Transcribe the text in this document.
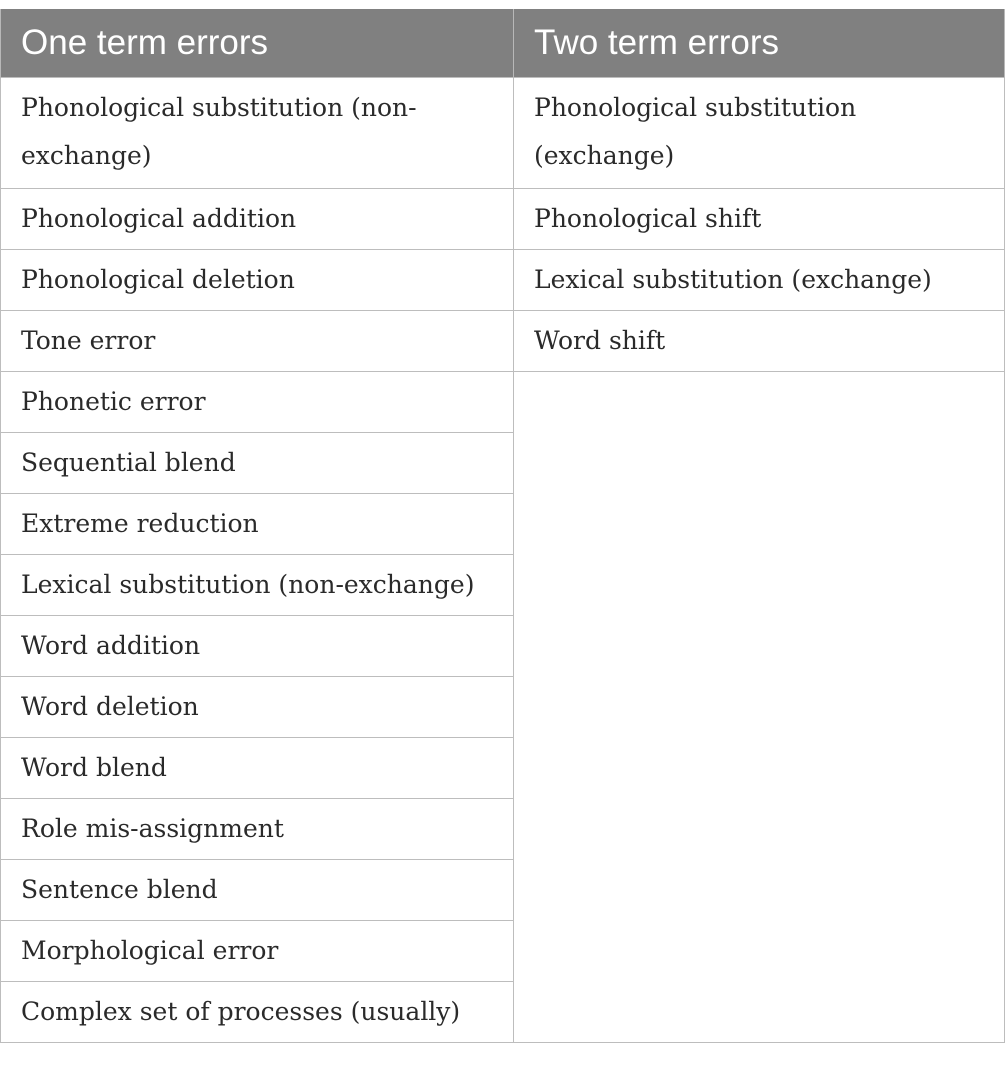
One term errors	Two term errors
Phonological substitution (non-exchange)	Phonological substitution (exchange)
Phonological addition	Phonological shift
Phonological deletion	Lexical substitution (exchange)
Tone error	Word shift
Phonetic error	
Sequential blend	
Extreme reduction	
Lexical substitution (non-exchange)	
Word addition	
Word deletion	
Word blend	
Role mis-assignment	
Sentence blend	
Morphological error	
Complex set of processes (usually)	
